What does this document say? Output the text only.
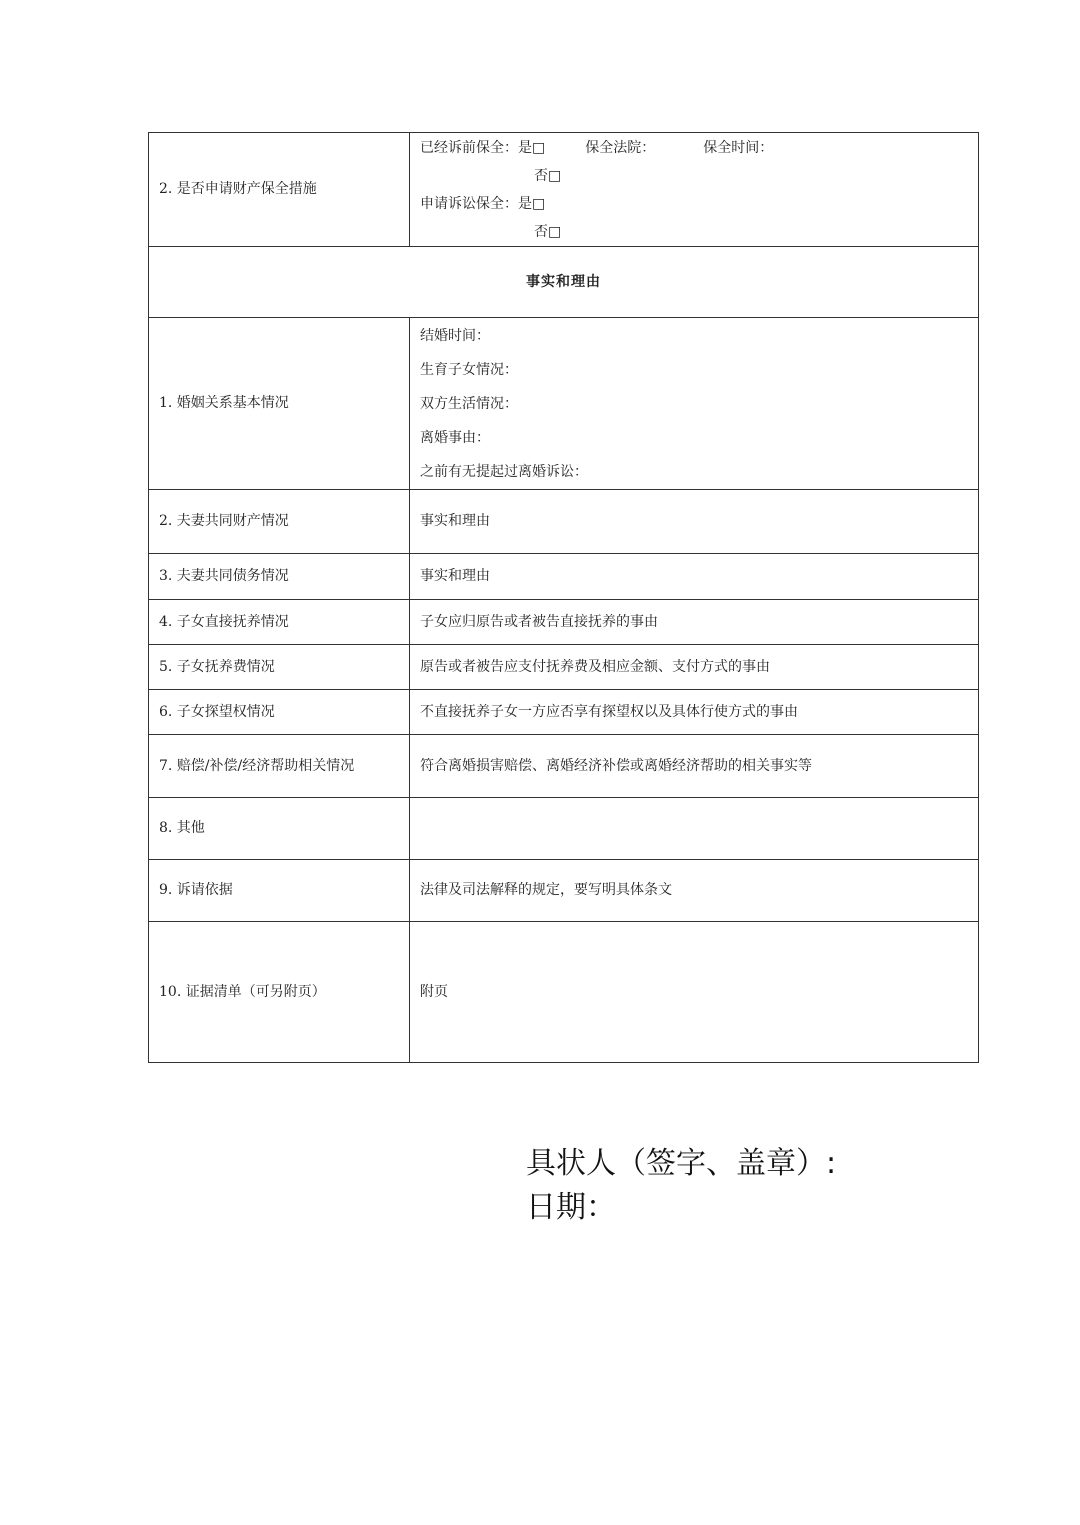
2. 是否申请财产保全措施	已经诉前保全：是□ 保全法院： 保全时间：
否□
申请诉讼保全：是□
否□

事实和理由	
1. 婚姻关系基本情况	结婚时间：
生育子女情况：
双方生活情况：
离婚事由：
之前有无提起过离婚诉讼：

2. 夫妻共同财产情况	事实和理由
3. 夫妻共同债务情况	事实和理由
4. 子女直接抚养情况	子女应归原告或者被告直接抚养的事由
5. 子女抚养费情况	原告或者被告应支付抚养费及相应金额、支付方式的事由
6. 子女探望权情况	不直接抚养子女一方应否享有探望权以及具体行使方式的事由
7. 赔偿/补偿/经济帮助相关情况	符合离婚损害赔偿、离婚经济补偿或离婚经济帮助的相关事实等
8. 其他	
9. 诉请依据	法律及司法解释的规定，要写明具体条文
10. 证据清单（可另附页）	附页
具状人（签字、盖章）:
日期：
